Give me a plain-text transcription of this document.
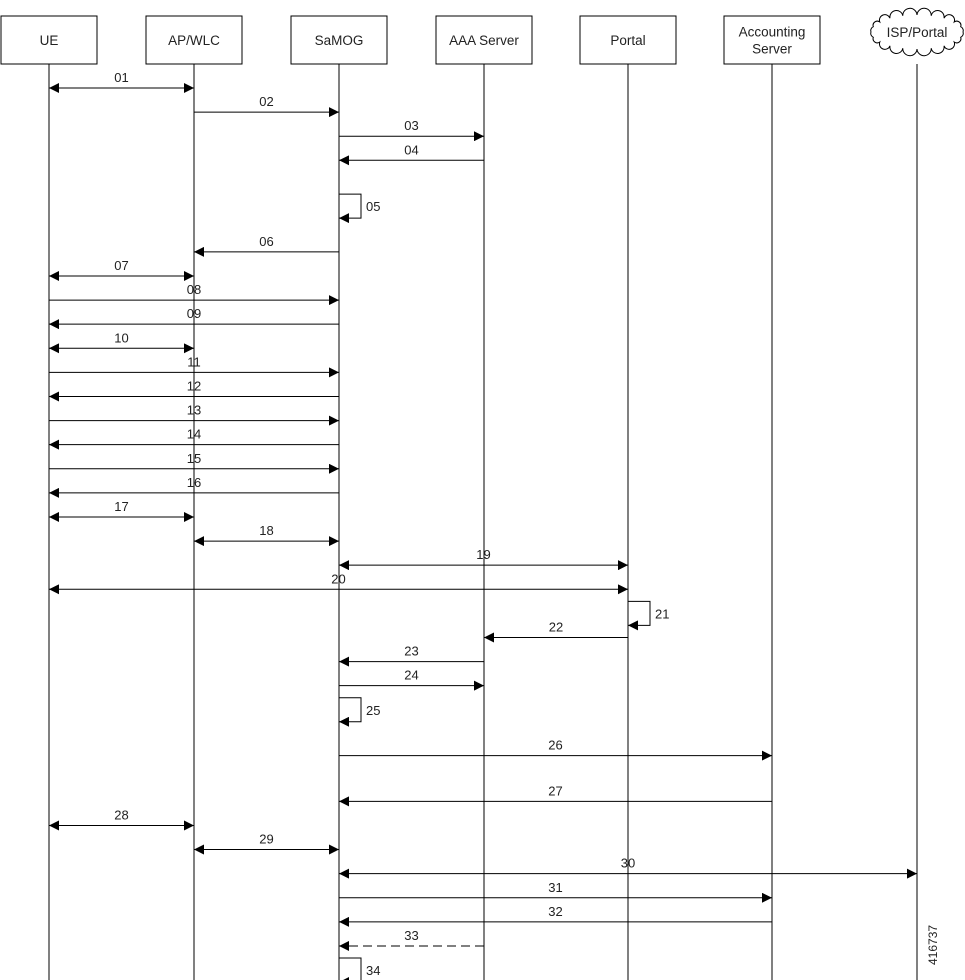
UE	AP/WLC	SaMOG	AAA Server	Portal
Accounting
Server
ISP/Portal
01
02
03
04
05
06
07
08
09
10
11
12
13
14
15
16
17
18
19
20
21
22
23
24
25
26
27
28
29
30
31
32
33
34
416737
